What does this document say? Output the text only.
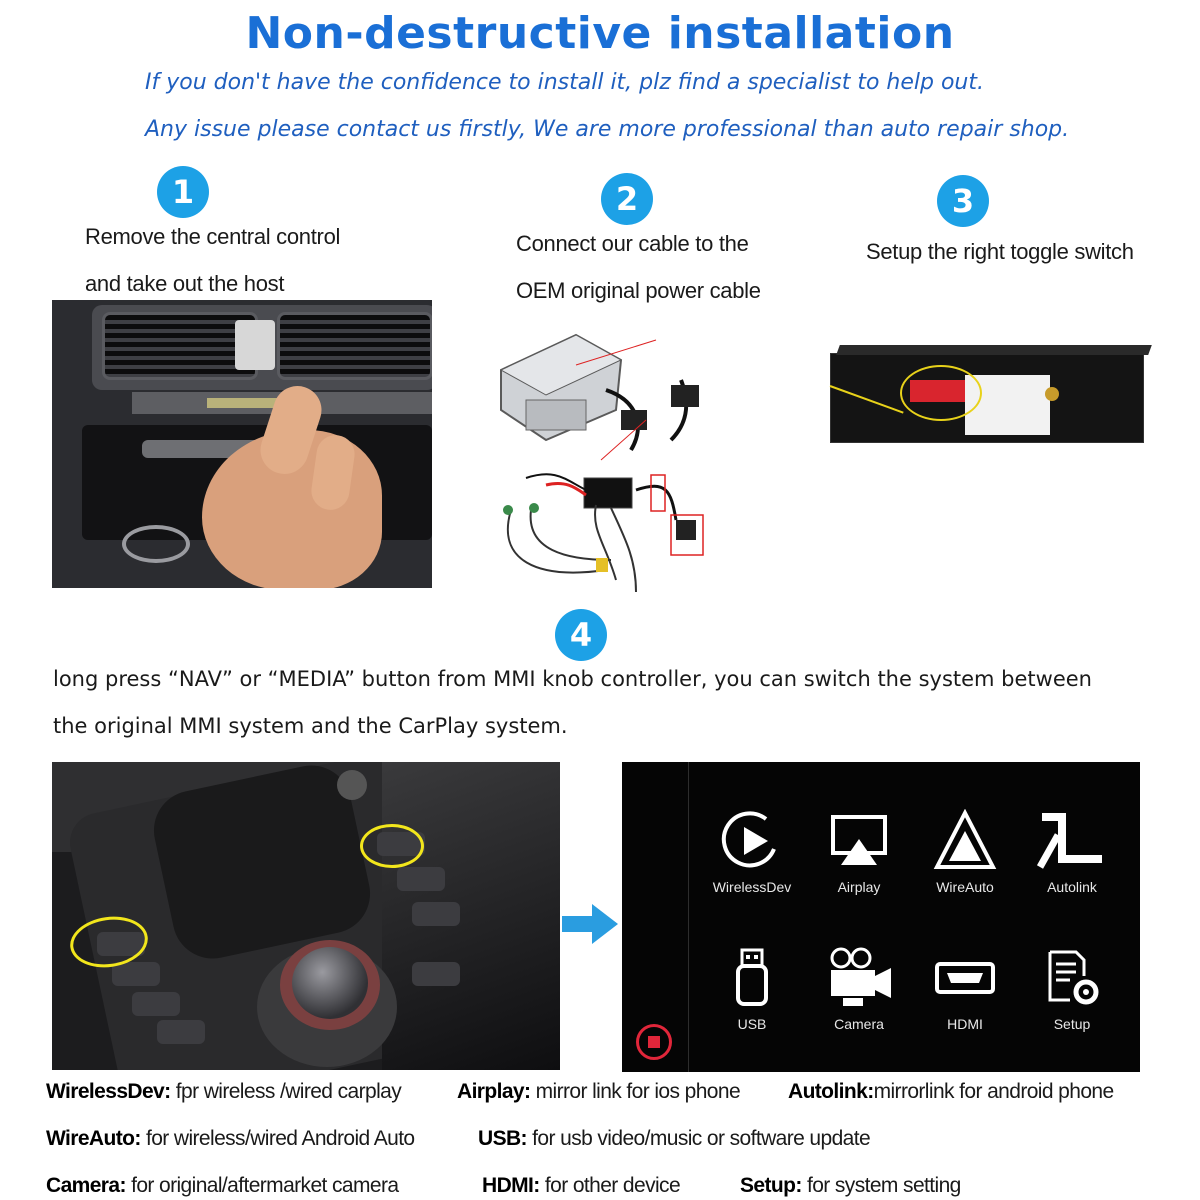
Non-destructive installation
If you don't have the confidence to install it, plz find a specialist to help out.
Any issue please contact us firstly, We are more professional than auto repair shop.
1
Remove the central control
and take out the host
2
Connect our cable to the
OEM original power cable
3
Setup the right toggle switch
4
long press “NAV” or “MEDIA” button from MMI knob controller, you can switch the system between
the original MMI system and the CarPlay system.
WirelessDev	Airplay	WireAuto	Autolink
USB	Camera	HDMI	Setup
WirelessDev: fpr wireless /wired carplay	Airplay: mirror link for ios phone Autolink:mirrorlink for android phone
WireAuto: for wireless/wired Android Auto	USB: for usb video/music or software update
Camera: for original/aftermarket camera	HDMI: for other device	Setup: for system setting
